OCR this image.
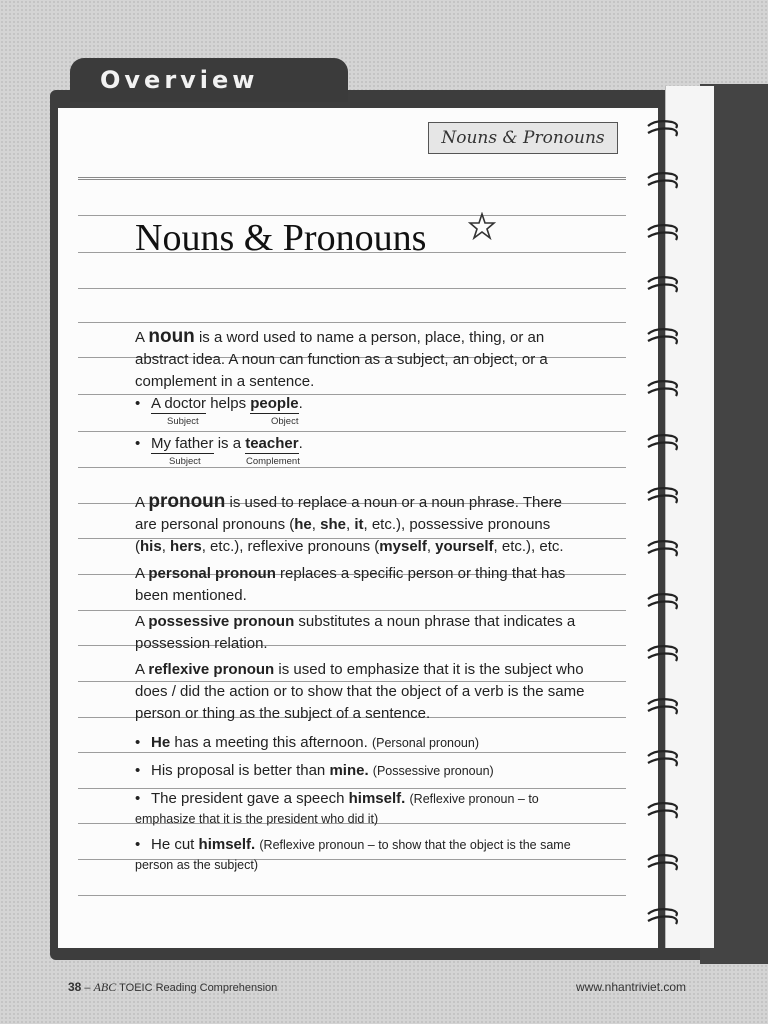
Overview
Nouns & Pronouns
Nouns & Pronouns

A noun is a word used to name a person, place, thing, or an abstract idea. A noun can function as a subject, an object, or a complement in a sentence.

• A doctor helps people.
Subject	Object
• My father is a teacher.
Subject	Complement

A pronoun is used to replace a noun or a noun phrase. There are personal pronouns (he, she, it, etc.), possessive pronouns (his, hers, etc.), reflexive pronouns (myself, yourself, etc.), etc.

A personal pronoun replaces a specific person or thing that has been mentioned.

A possessive pronoun substitutes a noun phrase that indicates a possession relation.

A reflexive pronoun is used to emphasize that it is the subject who does / did the action or to show that the object of a verb is the same person or thing as the subject of a sentence.

• He has a meeting this afternoon. (Personal pronoun)
• His proposal is better than mine. (Possessive pronoun)
• The president gave a speech himself. (Reflexive pronoun – to emphasize that it is the president who did it)
• He cut himself. (Reflexive pronoun – to show that the object is the same person as the subject)
38 – ABC TOEIC Reading Comprehension	www.nhantriviet.com
